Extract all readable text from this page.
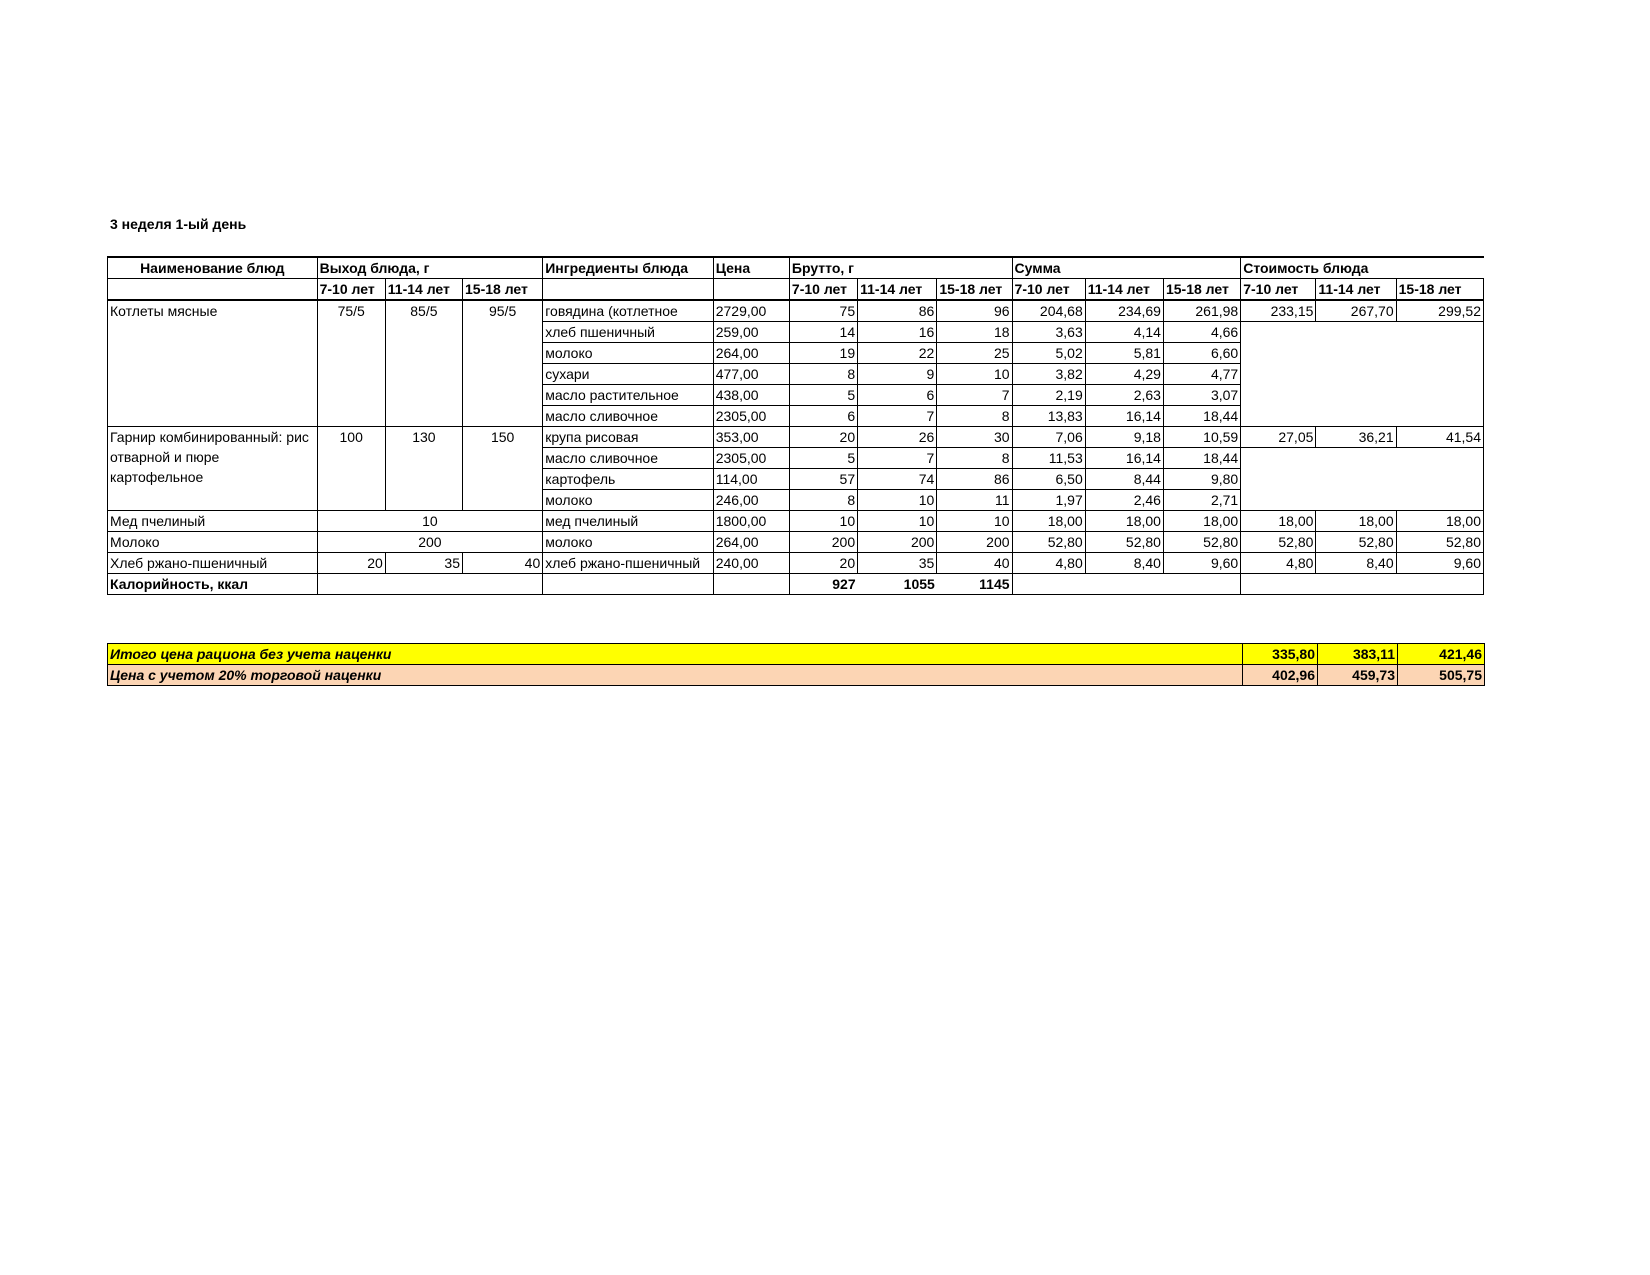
3 неделя 1-ый день
Наименование блюд	Выход блюда, г			Ингредиенты блюда	Цена	Брутто, г			Сумма			Стоимость блюда		
	7-10 лет	11-14 лет	15-18 лет			7-10 лет	11-14 лет	15-18 лет	7-10 лет	11-14 лет	15-18 лет	7-10 лет	11-14 лет	15-18 лет
Котлеты мясные	75/5	85/5	95/5	говядина (котлетное	2729,00	75	86	96	204,68	234,69	261,98	233,15	267,70	299,52
				хлеб пшеничный	259,00	14	16	18	3,63	4,14	4,66			
				молоко	264,00	19	22	25	5,02	5,81	6,60			
				сухари	477,00	8	9	10	3,82	4,29	4,77			
				масло растительное	438,00	5	6	7	2,19	2,63	3,07			
				масло сливочное	2305,00	6	7	8	13,83	16,14	18,44			
Гарнир комбинированный: рис отварной и пюре картофельное	100	130	150	крупа рисовая	353,00	20	26	30	7,06	9,18	10,59	27,05	36,21	41,54
				масло сливочное	2305,00	5	7	8	11,53	16,14	18,44			
				картофель	114,00	57	74	86	6,50	8,44	9,80			
				молоко	246,00	8	10	11	1,97	2,46	2,71			
Мед пчелиный	10			мед пчелиный	1800,00	10	10	10	18,00	18,00	18,00	18,00	18,00	18,00
Молоко	200			молоко	264,00	200	200	200	52,80	52,80	52,80	52,80	52,80	52,80
Хлеб ржано-пшеничный	20	35	40	хлеб ржано-пшеничный	240,00	20	35	40	4,80	8,40	9,60	4,80	8,40	9,60
Калорийность, ккал						927	1055	1145						
Итого цена рациона без учета наценки	335,80	383,11	421,46
Цена с учетом 20% торговой наценки	402,96	459,73	505,75
